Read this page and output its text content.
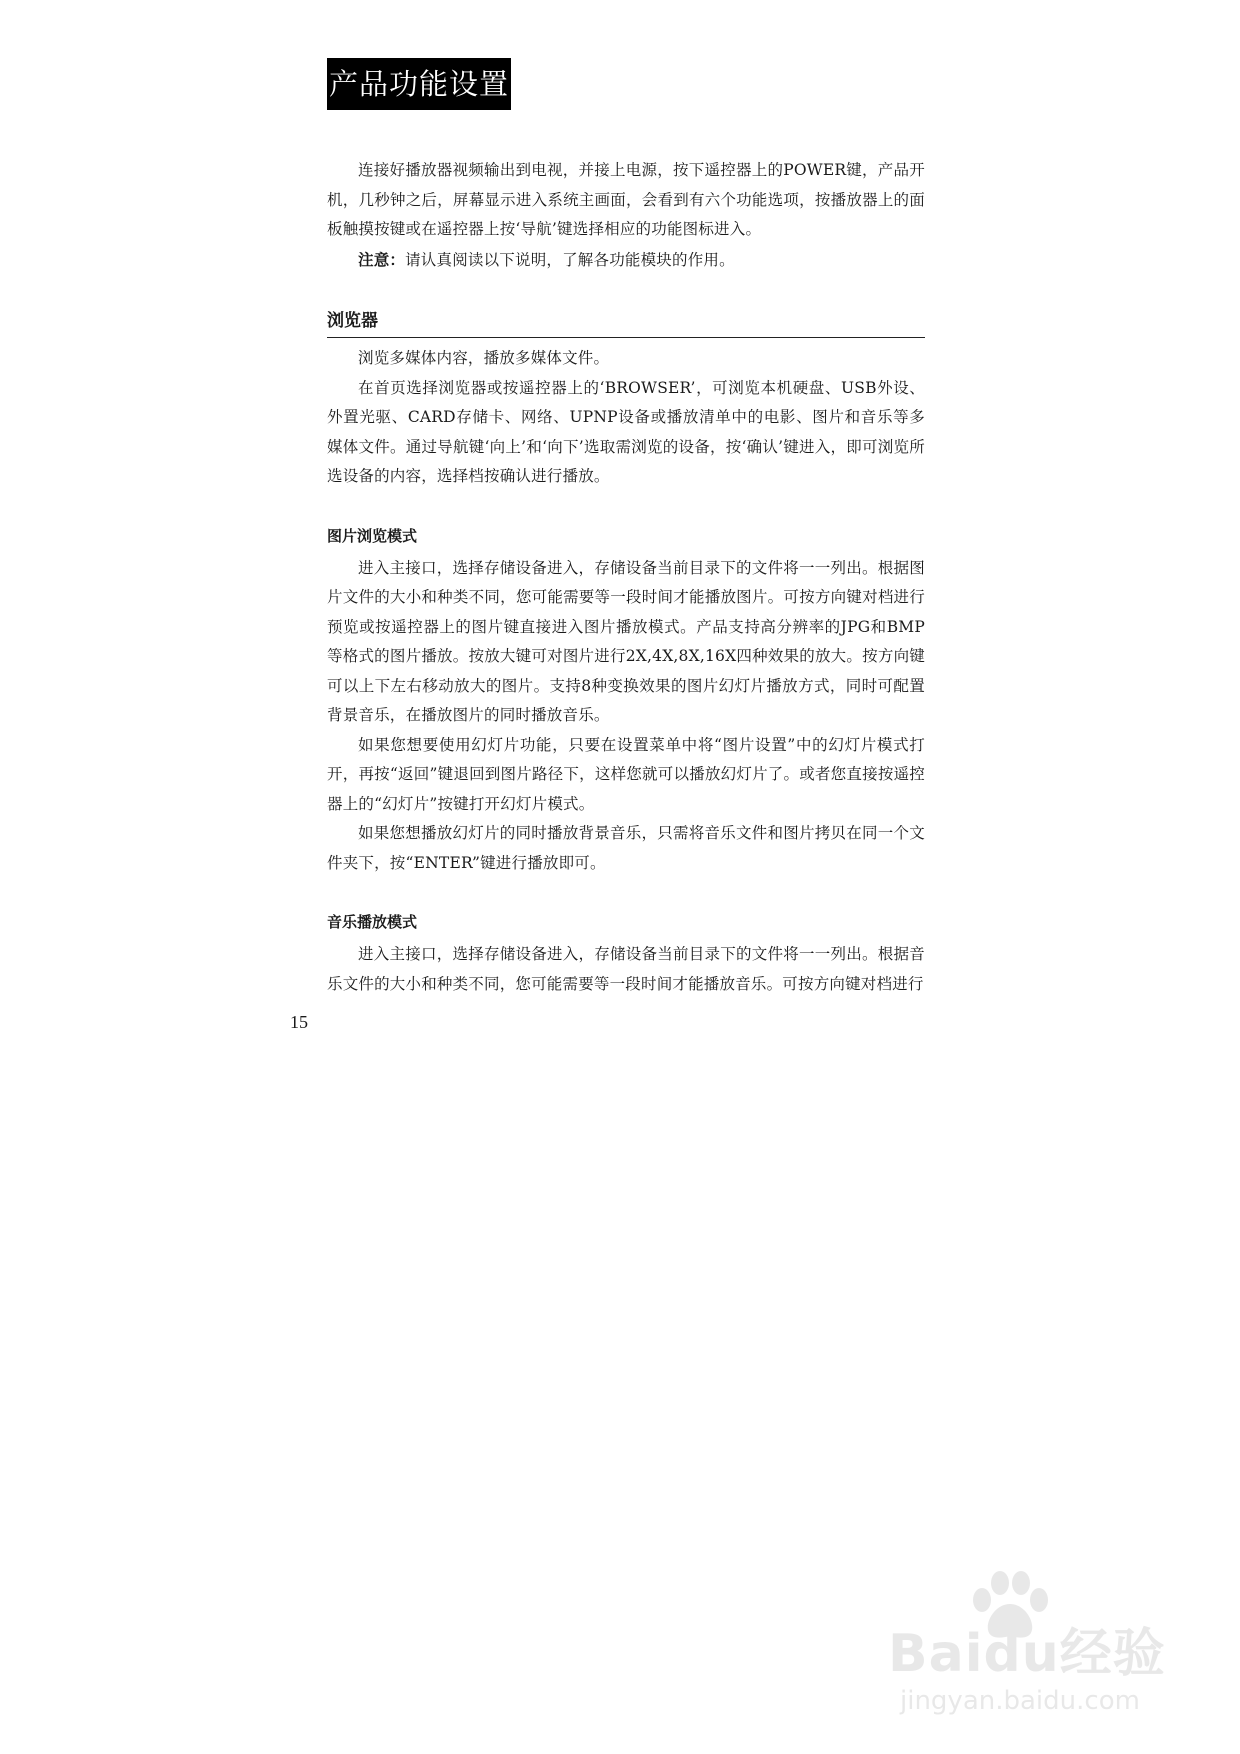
产品功能设置

连接好播放器视频输出到电视，并接上电源，按下遥控器上的POWER键，产品开机，几秒钟之后，屏幕显示进入系统主画面，会看到有六个功能选项，按播放器上的面板触摸按键或在遥控器上按‘导航’键选择相应的功能图标进入。

注意：请认真阅读以下说明，了解各功能模块的作用。

浏览器

浏览多媒体内容，播放多媒体文件。

在首页选择浏览器或按遥控器上的‘BROWSER’，可浏览本机硬盘、USB外设、外置光驱、CARD存储卡、网络、UPNP设备或播放清单中的电影、图片和音乐等多媒体文件。通过导航键‘向上’和‘向下’选取需浏览的设备，按‘确认’键进入，即可浏览所选设备的内容，选择档按确认进行播放。

图片浏览模式

进入主接口，选择存储设备进入，存储设备当前目录下的文件将一一列出。根据图片文件的大小和种类不同，您可能需要等一段时间才能播放图片。可按方向键对档进行预览或按遥控器上的图片键直接进入图片播放模式。产品支持高分辨率的JPG和BMP等格式的图片播放。按放大键可对图片进行2X,4X,8X,16X四种效果的放大。按方向键可以上下左右移动放大的图片。支持8种变换效果的图片幻灯片播放方式，同时可配置背景音乐，在播放图片的同时播放音乐。

如果您想要使用幻灯片功能，只要在设置菜单中将“图片设置”中的幻灯片模式打开，再按“返回”键退回到图片路径下，这样您就可以播放幻灯片了。或者您直接按遥控器上的“幻灯片”按键打开幻灯片模式。

如果您想播放幻灯片的同时播放背景音乐，只需将音乐文件和图片拷贝在同一个文件夹下，按“ENTER”键进行播放即可。

音乐播放模式

进入主接口，选择存储设备进入，存储设备当前目录下的文件将一一列出。根据音乐文件的大小和种类不同，您可能需要等一段时间才能播放音乐。可按方向键对档进行

15
Baidu经验
jingyan.baidu.com
